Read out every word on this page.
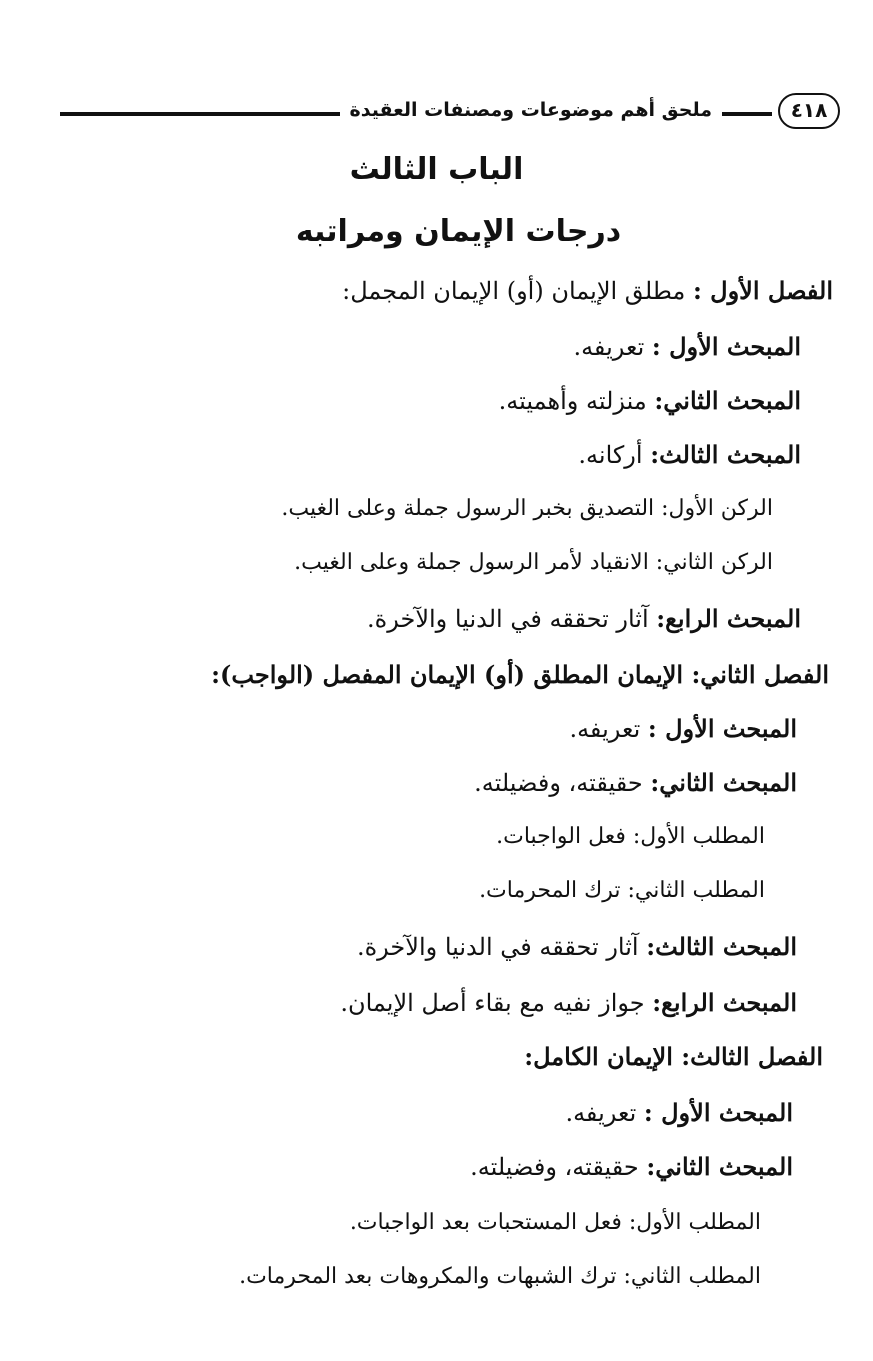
ملحق أهم موضوعات ومصنفات العقيدة	٤١٨
الباب الثالث
درجات الإيمان ومراتبه
الفصل الأول : مطلق الإيمان (أو) الإيمان المجمل:
المبحث الأول : تعريفه.
المبحث الثاني: منزلته وأهميته.
المبحث الثالث: أركانه.
الركن الأول: التصديق بخبر الرسول جملة وعلى الغيب.
الركن الثاني: الانقياد لأمر الرسول جملة وعلى الغيب.
المبحث الرابع: آثار تحققه في الدنيا والآخرة.
الفصل الثاني: الإيمان المطلق (أو) الإيمان المفصل (الواجب):
المبحث الأول : تعريفه.
المبحث الثاني: حقيقته، وفضيلته.
المطلب الأول: فعل الواجبات.
المطلب الثاني: ترك المحرمات.
المبحث الثالث: آثار تحققه في الدنيا والآخرة.
المبحث الرابع: جواز نفيه مع بقاء أصل الإيمان.
الفصل الثالث: الإيمان الكامل:
المبحث الأول : تعريفه.
المبحث الثاني: حقيقته، وفضيلته.
المطلب الأول: فعل المستحبات بعد الواجبات.
المطلب الثاني: ترك الشبهات والمكروهات بعد المحرمات.
